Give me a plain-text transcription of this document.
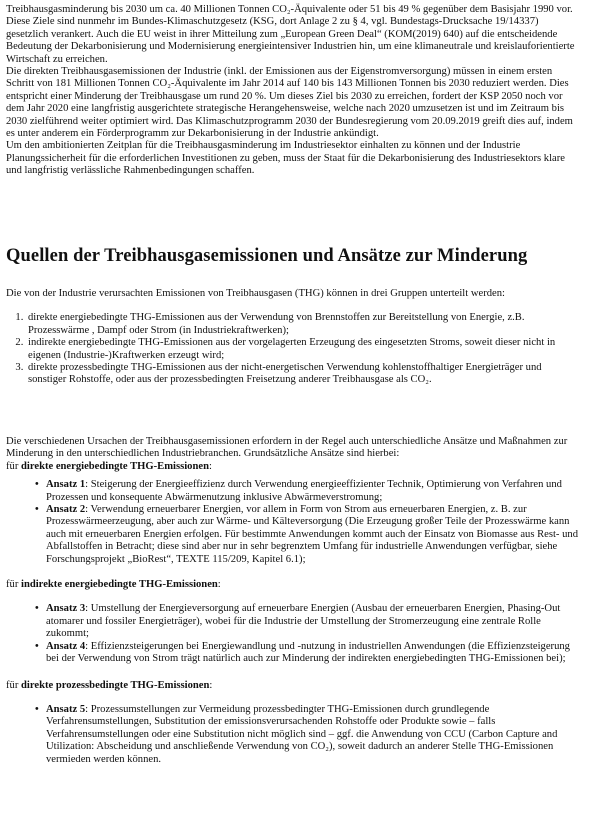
Treibhausgasminderung bis 2030 um ca. 40 Millionen Tonnen CO₂-Äquivalente oder 51 bis 49 % gegenüber dem Basisjahr 1990 vor. Diese Ziele sind nunmehr im Bundes-Klimaschutzgesetz (KSG, dort Anlage 2 zu § 4, vgl. Bundestags-Drucksache 19/14337) gesetzlich verankert. Auch die EU weist in ihrer Mitteilung zum „European Green Deal“ (KOM(2019) 640) auf die entscheidende Bedeutung der Dekarbonisierung und Modernisierung energieintensiver Industrien hin, um eine klimaneutrale und kreislauforientierte Wirtschaft zu erreichen.

Die direkten Treibhausgasemissionen der Industrie (inkl. der Emissionen aus der Eigenstromversorgung) müssen in einem ersten Schritt von 181 Millionen Tonnen CO₂-Äquivalente im Jahr 2014 auf 140 bis 143 Millionen Tonnen bis 2030 reduziert werden. Dies entspricht einer Minderung der Treibhausgase um rund 20 %. Um dieses Ziel bis 2030 zu erreichen, fordert der KSP 2050 noch vor dem Jahr 2020 eine langfristig ausgerichtete strategische Herangehensweise, welche nach 2020 umzusetzen ist und im Zeitraum bis 2030 zielführend weiter optimiert wird. Das Klimaschutzprogramm 2030 der Bundesregierung vom 20.09.2019 greift dies auf, indem es unter anderem ein Förderprogramm zur Dekarbonisierung in der Industrie ankündigt.

Um den ambitionierten Zeitplan für die Treibhausgasminderung im Industriesektor einhalten zu können und der Industrie Planungssicherheit für die erforderlichen Investitionen zu geben, muss der Staat für die Dekarbonisierung des Industriesektors klare und langfristig verlässliche Rahmenbedingungen schaffen.

Quellen der Treibhausgasemissionen und Ansätze zur Minderung

Die von der Industrie verursachten Emissionen von Treibhausgasen (THG) können in drei Gruppen unterteilt werden:

1. direkte energiebedingte THG-Emissionen aus der Verwendung von Brennstoffen zur Bereitstellung von Energie, z.B. Prozesswärme , Dampf oder Strom (in Industriekraftwerken);
2. indirekte energiebedingte THG-Emissionen aus der vorgelagerten Erzeugung des eingesetzten Stroms, soweit dieser nicht in eigenen (Industrie-)Kraftwerken erzeugt wird;
3. direkte prozessbedingte THG-Emissionen aus der nicht-energetischen Verwendung kohlenstoffhaltiger Energieträger und sonstiger Rohstoffe, oder aus der prozessbedingten Freisetzung anderer Treibhausgase als CO₂.

Die verschiedenen Ursachen der Treibhausgasemissionen erfordern in der Regel auch unterschiedliche Ansätze und Maßnahmen zur Minderung in den unterschiedlichen Industriebranchen. Grundsätzliche Ansätze sind hierbei:

für direkte energiebedingte THG-Emissionen:

• Ansatz 1: Steigerung der Energieeffizienz durch Verwendung energieeffizienter Technik, Optimierung von Verfahren und Prozessen und konsequente Abwärmenutzung inklusive Abwärmeverstromung;
• Ansatz 2: Verwendung erneuerbarer Energien, vor allem in Form von Strom aus erneuerbaren Energien, z. B. zur Prozesswärmeerzeugung, aber auch zur Wärme- und Kälteversorgung (Die Erzeugung großer Teile der Prozesswärme kann auch mit erneuerbaren Energien erfolgen. Für bestimmte Anwendungen kommt auch der Einsatz von Biomasse aus Rest- und Abfallstoffen in Betracht; diese sind aber nur in sehr begrenztem Umfang für industrielle Anwendungen verfügbar, siehe Forschungsprojekt „BioRest“, TEXTE 115/209, Kapitel 6.1);

für indirekte energiebedingte THG-Emissionen:

• Ansatz 3: Umstellung der Energieversorgung auf erneuerbare Energien (Ausbau der erneuerbaren Energien, Phasing-Out atomarer und fossiler Energieträger), wobei für die Industrie der Umstellung der Stromerzeugung eine zentrale Rolle zukommt;
• Ansatz 4: Effizienzsteigerungen bei Energiewandlung und -nutzung in industriellen Anwendungen (die Effizienzsteigerung bei der Verwendung von Strom trägt natürlich auch zur Minderung der indirekten energiebedingten THG-Emissionen bei);

für direkte prozessbedingte THG-Emissionen:

• Ansatz 5: Prozessumstellungen zur Vermeidung prozessbedingter THG-Emissionen durch grundlegende Verfahrensumstellungen, Substitution der emissionsverursachenden Rohstoffe oder Produkte sowie – falls Verfahrensumstellungen oder eine Substitution nicht möglich sind – ggf. die Anwendung von CCU (Carbon Capture and Utilization: Abscheidung und anschließende Verwendung von CO₂), soweit dadurch an anderer Stelle THG-Emissionen vermieden werden können.
